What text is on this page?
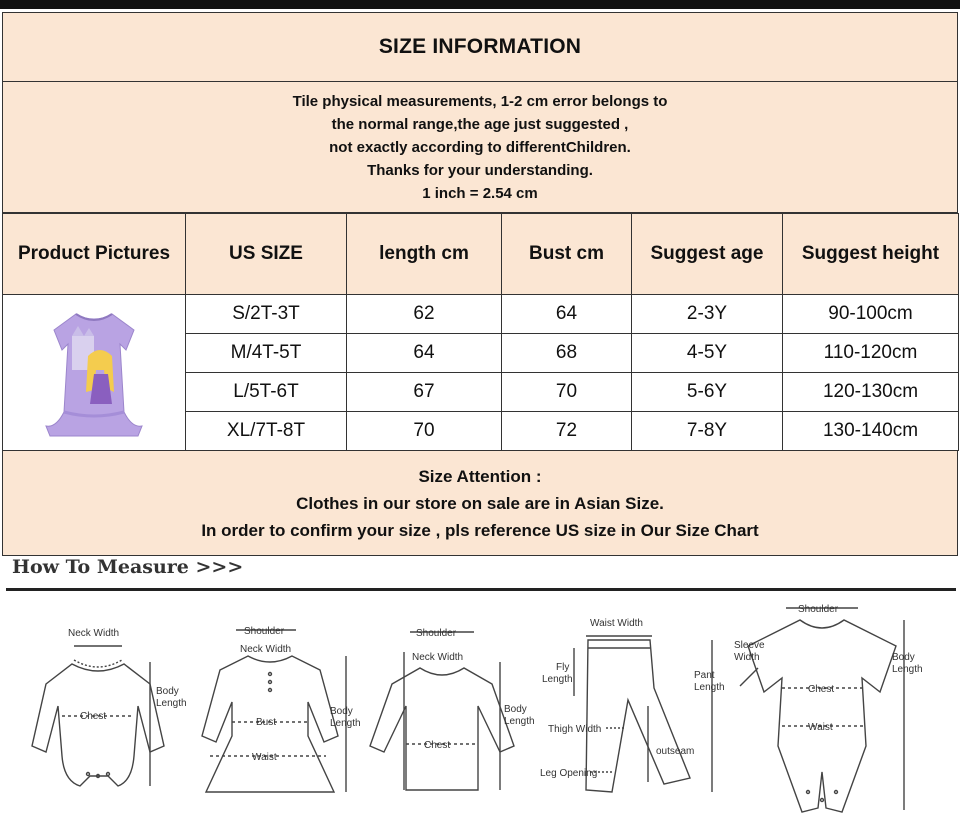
SIZE INFORMATION
Tile physical measurements, 1-2 cm error belongs to
the normal range,the age just suggested ,
not exactly according to differentChildren.
Thanks for your understanding.
1 inch = 2.54 cm
Product Pictures	US SIZE	length cm	Bust cm	Suggest age	Suggest height
	S/2T-3T	62	64	2-3Y	90-100cm
	M/4T-5T	64	68	4-5Y	110-120cm
	L/5T-6T	67	70	5-6Y	120-130cm
	XL/7T-8T	70	72	7-8Y	130-140cm
Size Attention :
Clothes in our store on sale are in Asian Size.
In order to confirm your size , pls reference US size in Our Size Chart
How To Measure >>>
Neck Width
Body
Length
Chest
Shoulder
Neck Width
Bust
Waist
Body
Length
Shoulder
Neck Width
Chest
Body
Length
Waist Width
Fly
Length	Pant
Length
Thigh Width
outseam
Leg Opening
Shoulder
Sleeve
Width
Chest
Waist
Body
Length
